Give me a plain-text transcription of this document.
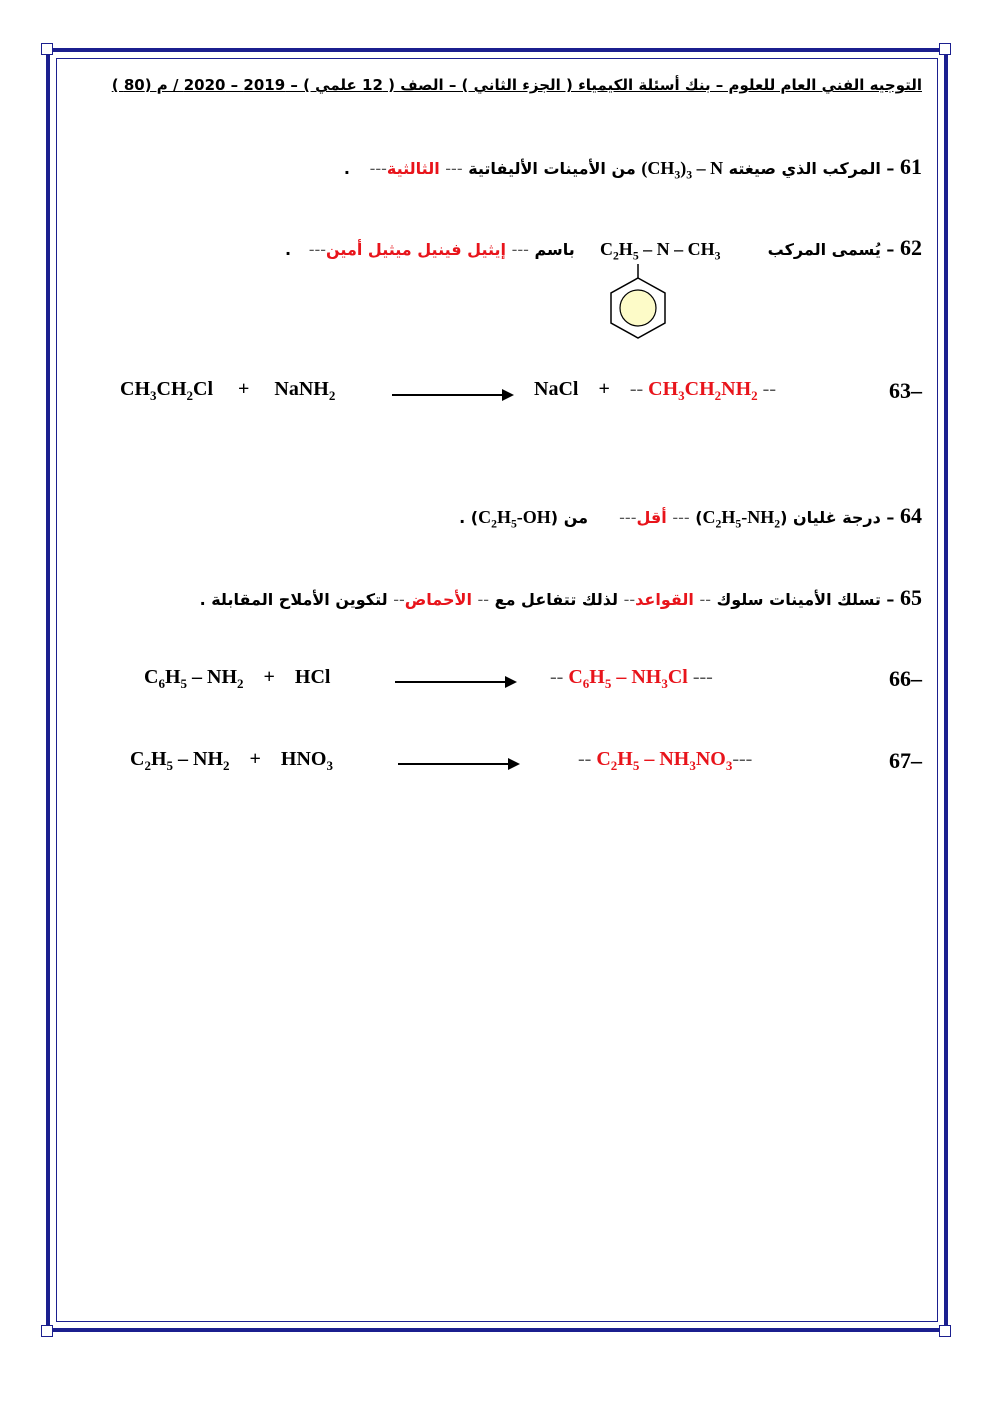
التوجيه الفني العام للعلوم – بنك أسئلة الكيمياء ( الجزء الثاني ) – الصف ( 12 علمي ) – 2019 – 2020 / م (80 )
61 – المركب الذي صيغته $(CH_3)_3$ – N من الأمينات الأليفاتية --- الثالثية--- .
62 – يُسمى المركب  $C_2H_5$ – N – $CH_3$  باسم --- إيثيل فينيل ميثيل أمين--- .
$CH_3CH_2Cl$     +     NaNH$_2$	NaCl    +    -- $CH_3CH_2NH_2$ --	63–
64 – درجة غليان $(C_2H_5-NH_2)$ --- أقل---  من $(C_2H_5-OH)$ .
65 – تسلك الأمينات سلوك -- القواعد-- لذلك تتفاعل مع -- الأحماض-- لتكوين الأملاح المقابلة .
$C_6H_5 - NH_2$    +    HCl	-- $C_6H_5 - NH_3Cl$ ---	66–
$C_2H_5 - NH_2$    +    $HNO_3$	-- $C_2H_5 - NH_3NO_3---$	67–
